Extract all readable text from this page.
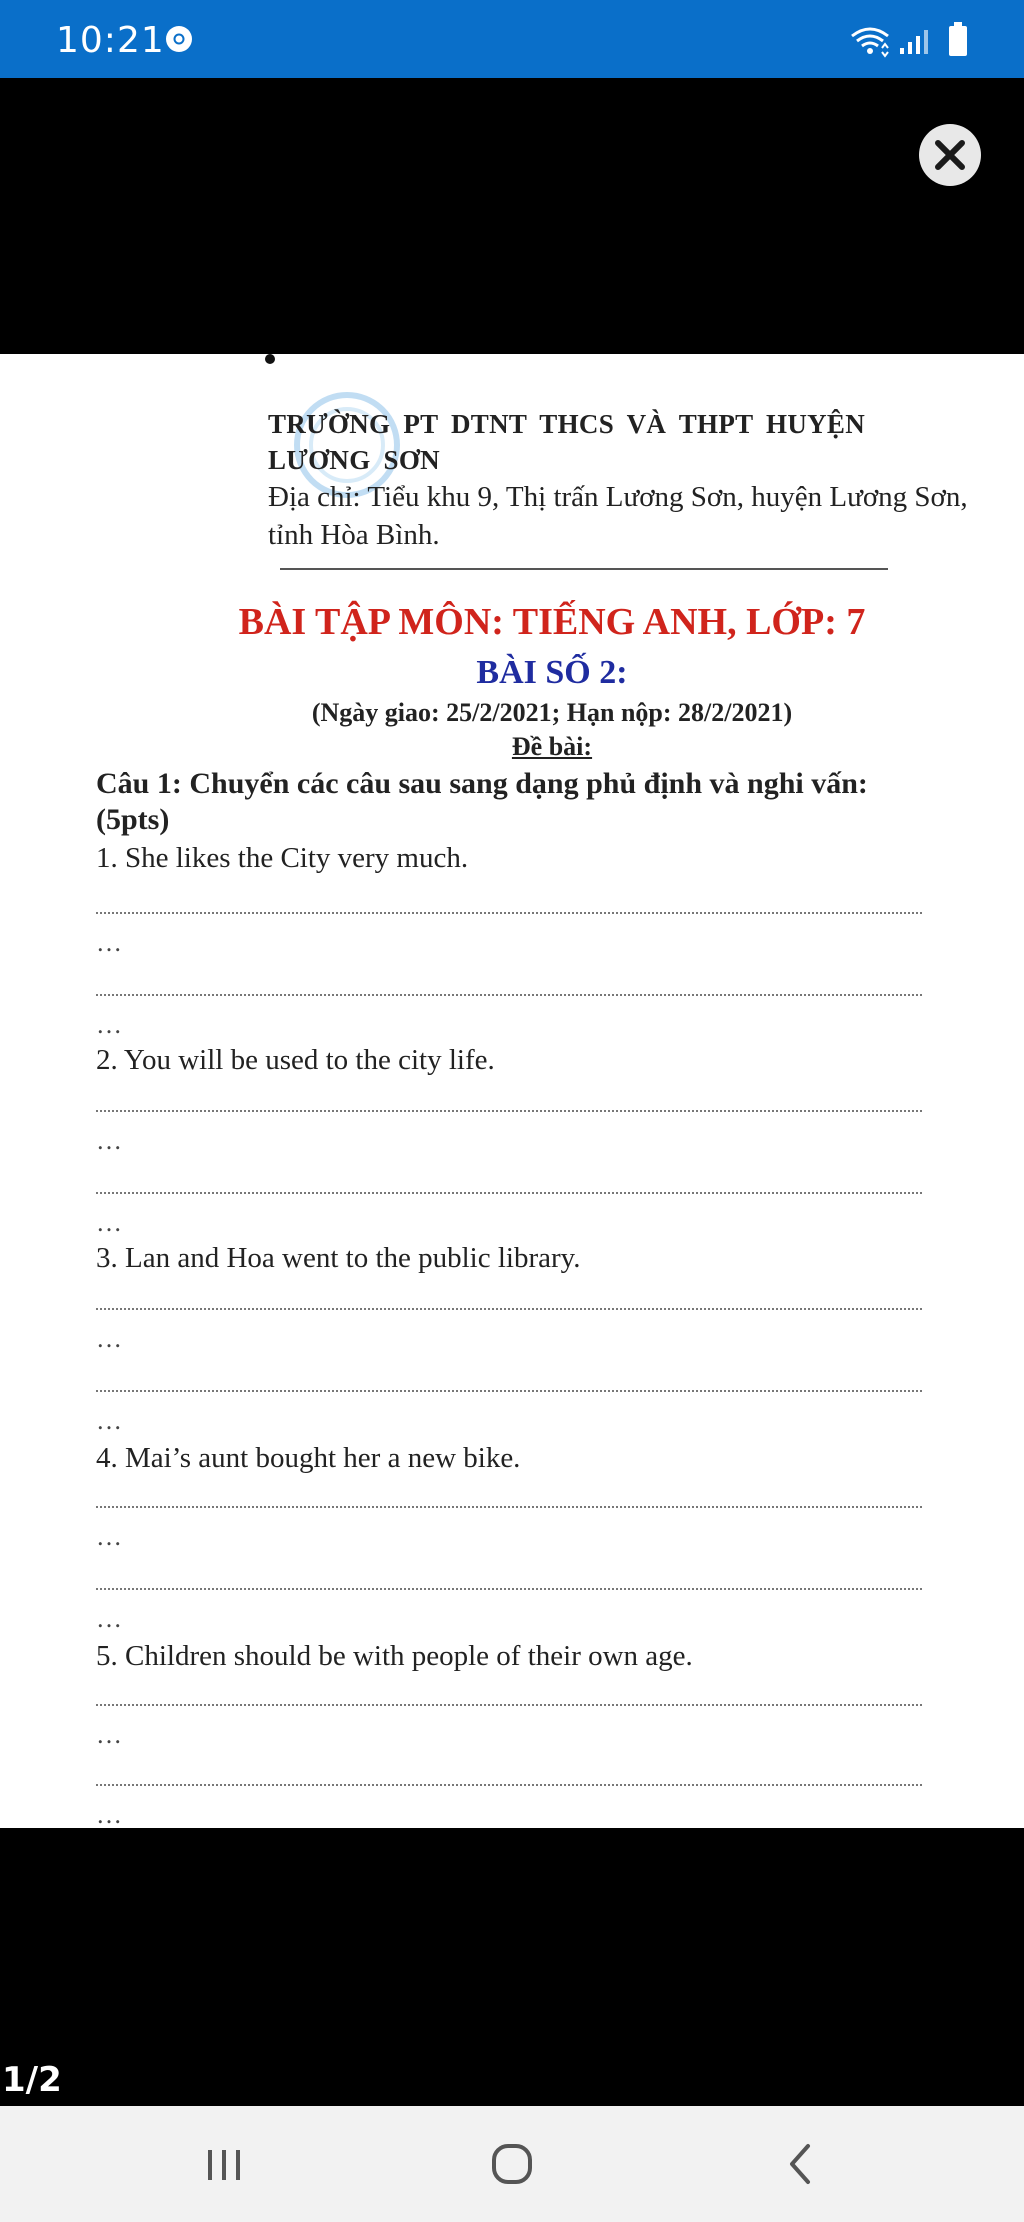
10:21
TRƯỜNG PT DTNT THCS VÀ THPT HUYỆN
LƯƠNG SƠN
Địa chỉ: Tiểu khu 9, Thị trấn Lương Sơn, huyện Lương Sơn, tỉnh Hòa Bình.
BÀI TẬP MÔN: TIẾNG ANH, LỚP: 7
BÀI SỐ 2:
(Ngày giao: 25/2/2021; Hạn nộp: 28/2/2021)
Đề bài:
Câu 1: Chuyển các câu sau sang dạng phủ định và nghi vấn: (5pts)
1. She likes the City very much.
…
…
2. You will be used to the city life.
…
…
3. Lan and Hoa went to the public library.
…
…
4. Mai’s aunt bought her a new bike.
…
…
5. Children should be with people of their own age.
…
…
1/2
